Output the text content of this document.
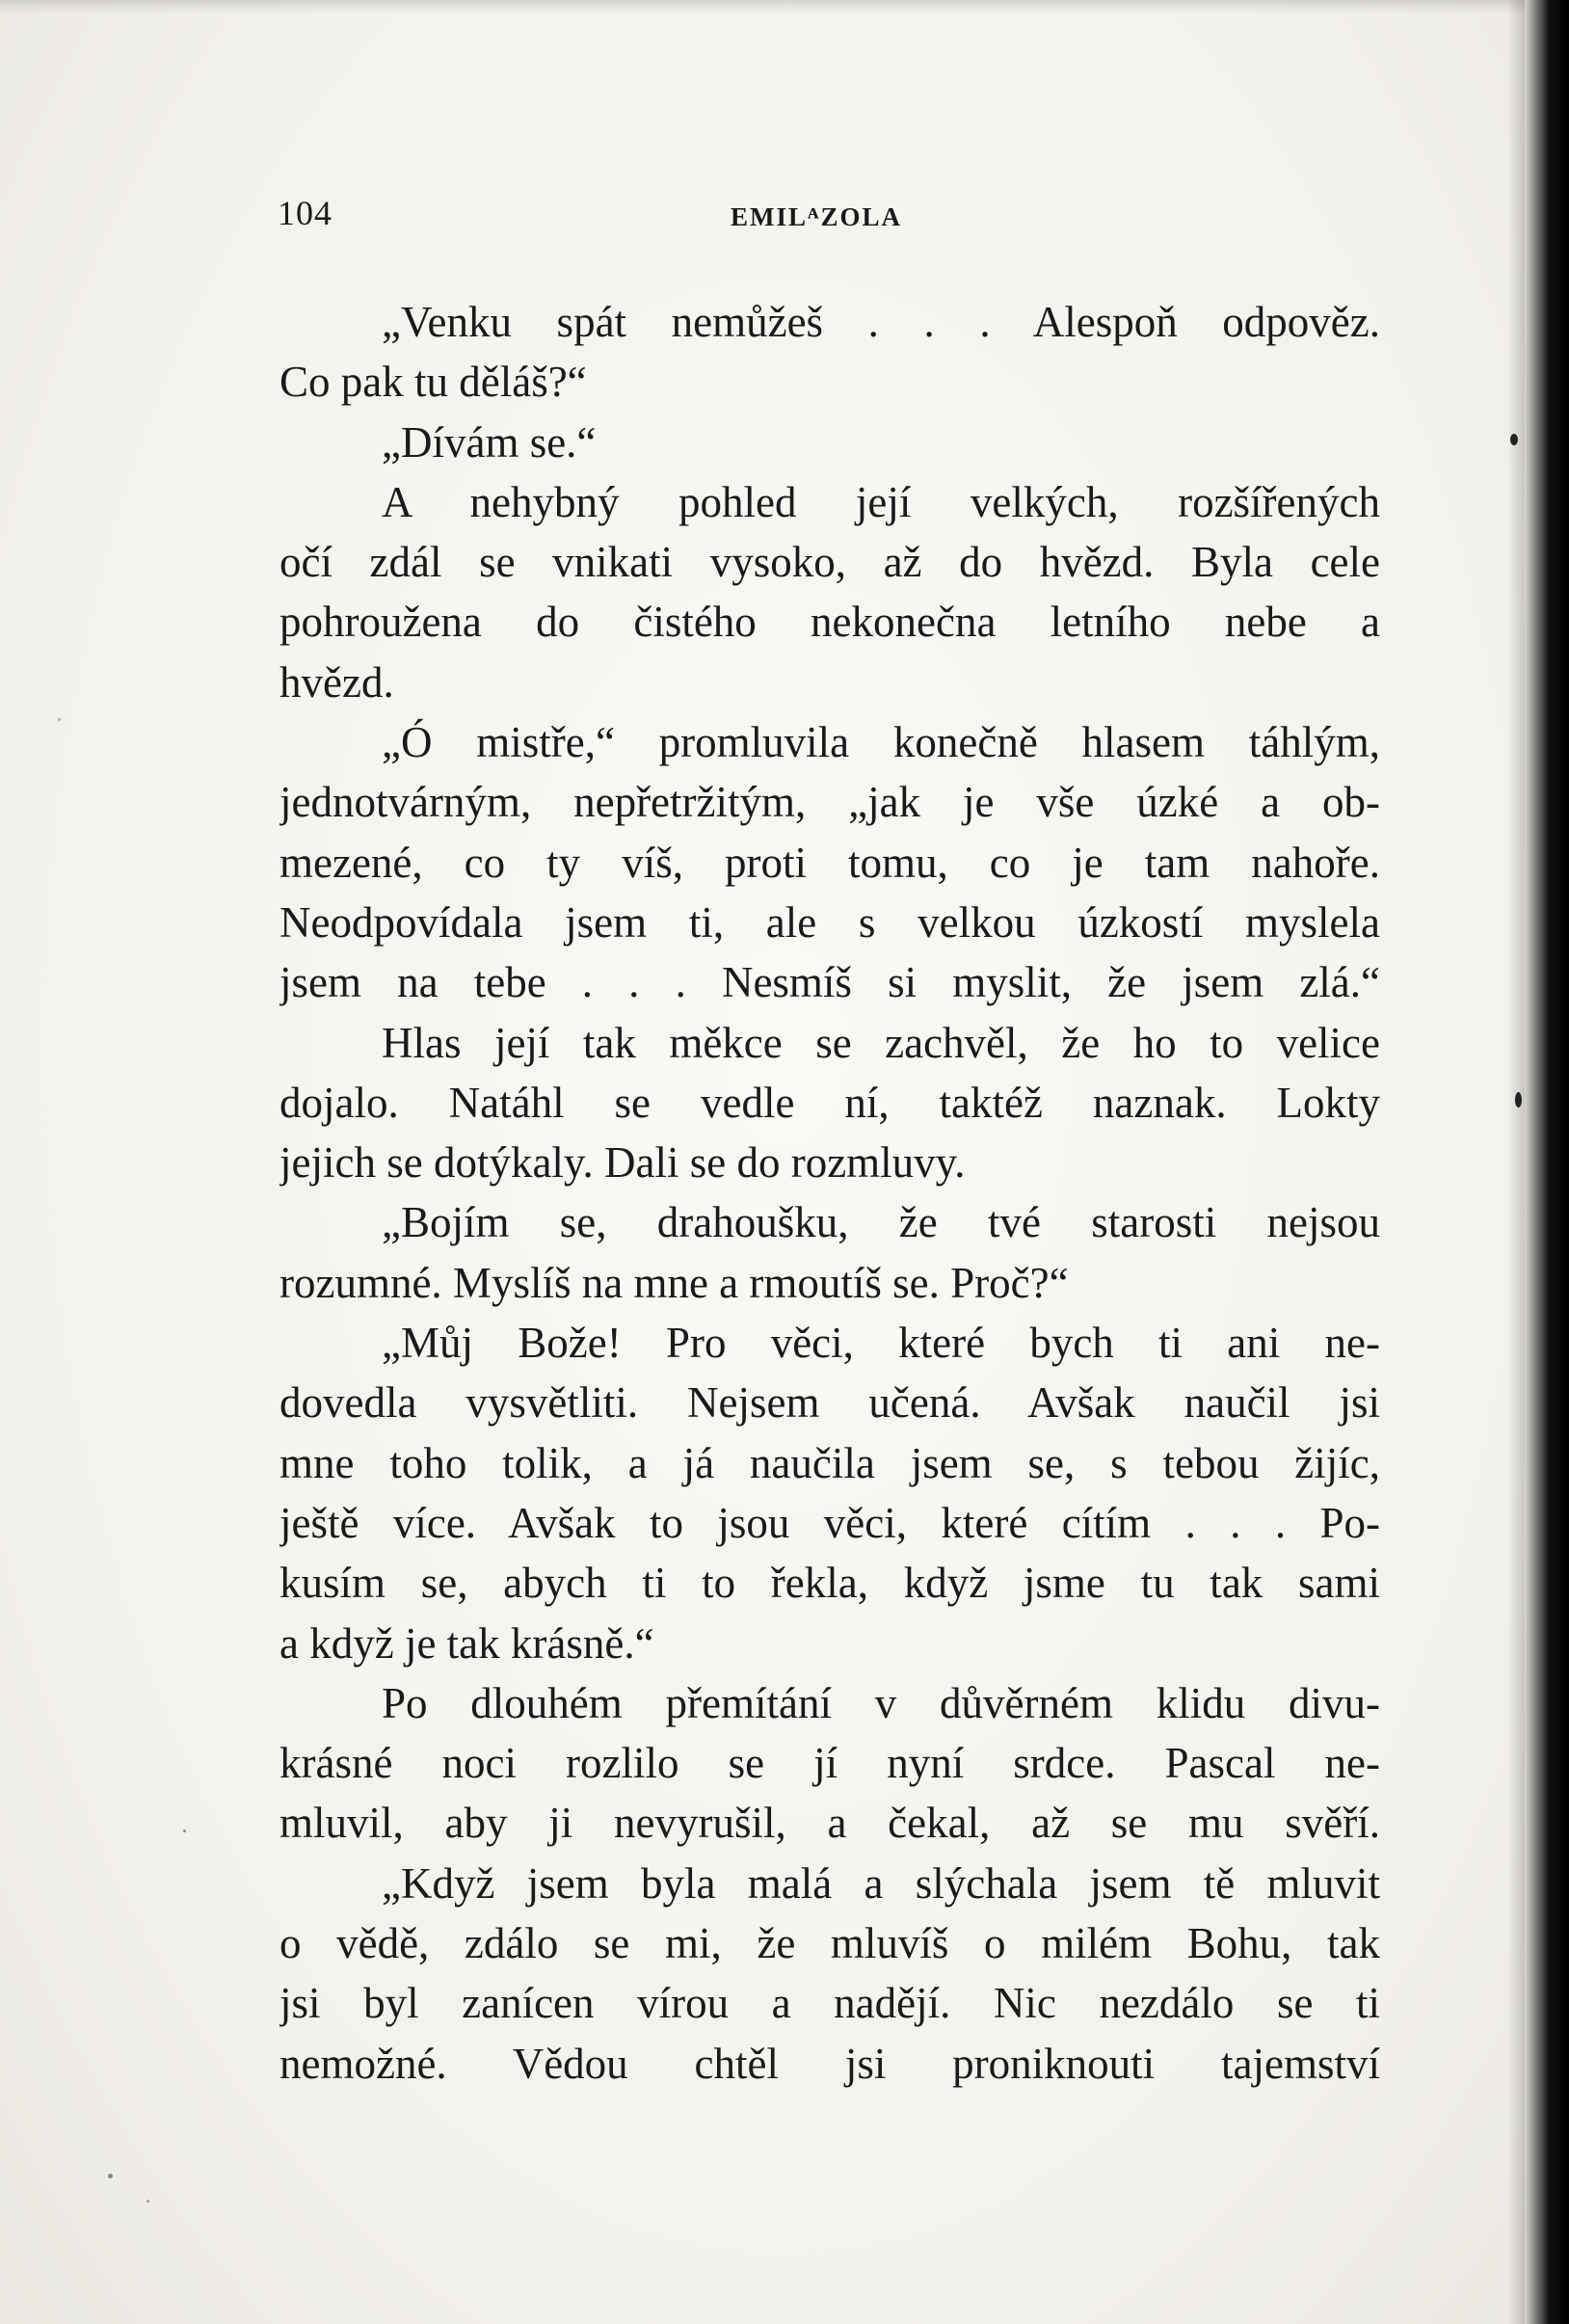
104	EMILᴬZOLA
„Venku spát nemůžeš . . . Alespoň odpověz.
Co pak tu děláš?“
„Dívám se.“
A nehybný pohled její velkých, rozšířených
očí zdál se vnikati vysoko, až do hvězd. Byla cele
pohroužena do čistého nekonečna letního nebe a
hvězd.
„Ó mistře,“ promluvila konečně hlasem táhlým,
jednotvárným, nepřetržitým, „jak je vše úzké a ob-
mezené, co ty víš, proti tomu, co je tam nahoře.
Neodpovídala jsem ti, ale s velkou úzkostí myslela
jsem na tebe . . . Nesmíš si myslit, že jsem zlá.“
Hlas její tak měkce se zachvěl, že ho to velice
dojalo. Natáhl se vedle ní, taktéž naznak. Lokty
jejich se dotýkaly. Dali se do rozmluvy.
„Bojím se, drahoušku, že tvé starosti nejsou
rozumné. Myslíš na mne a rmoutíš se. Proč?“
„Můj Bože! Pro věci, které bych ti ani ne-
dovedla vysvětliti. Nejsem učená. Avšak naučil jsi
mne toho tolik, a já naučila jsem se, s tebou žijíc,
ještě více. Avšak to jsou věci, které cítím . . . Po-
kusím se, abych ti to řekla, když jsme tu tak sami
a když je tak krásně.“
Po dlouhém přemítání v důvěrném klidu divu-
krásné noci rozlilo se jí nyní srdce. Pascal ne-
mluvil, aby ji nevyrušil, a čekal, až se mu svěří.
„Když jsem byla malá a slýchala jsem tě mluvit
o vědě, zdálo se mi, že mluvíš o milém Bohu, tak
jsi byl zanícen vírou a nadějí. Nic nezdálo se ti
nemožné. Vědou chtěl jsi proniknouti tajemství
